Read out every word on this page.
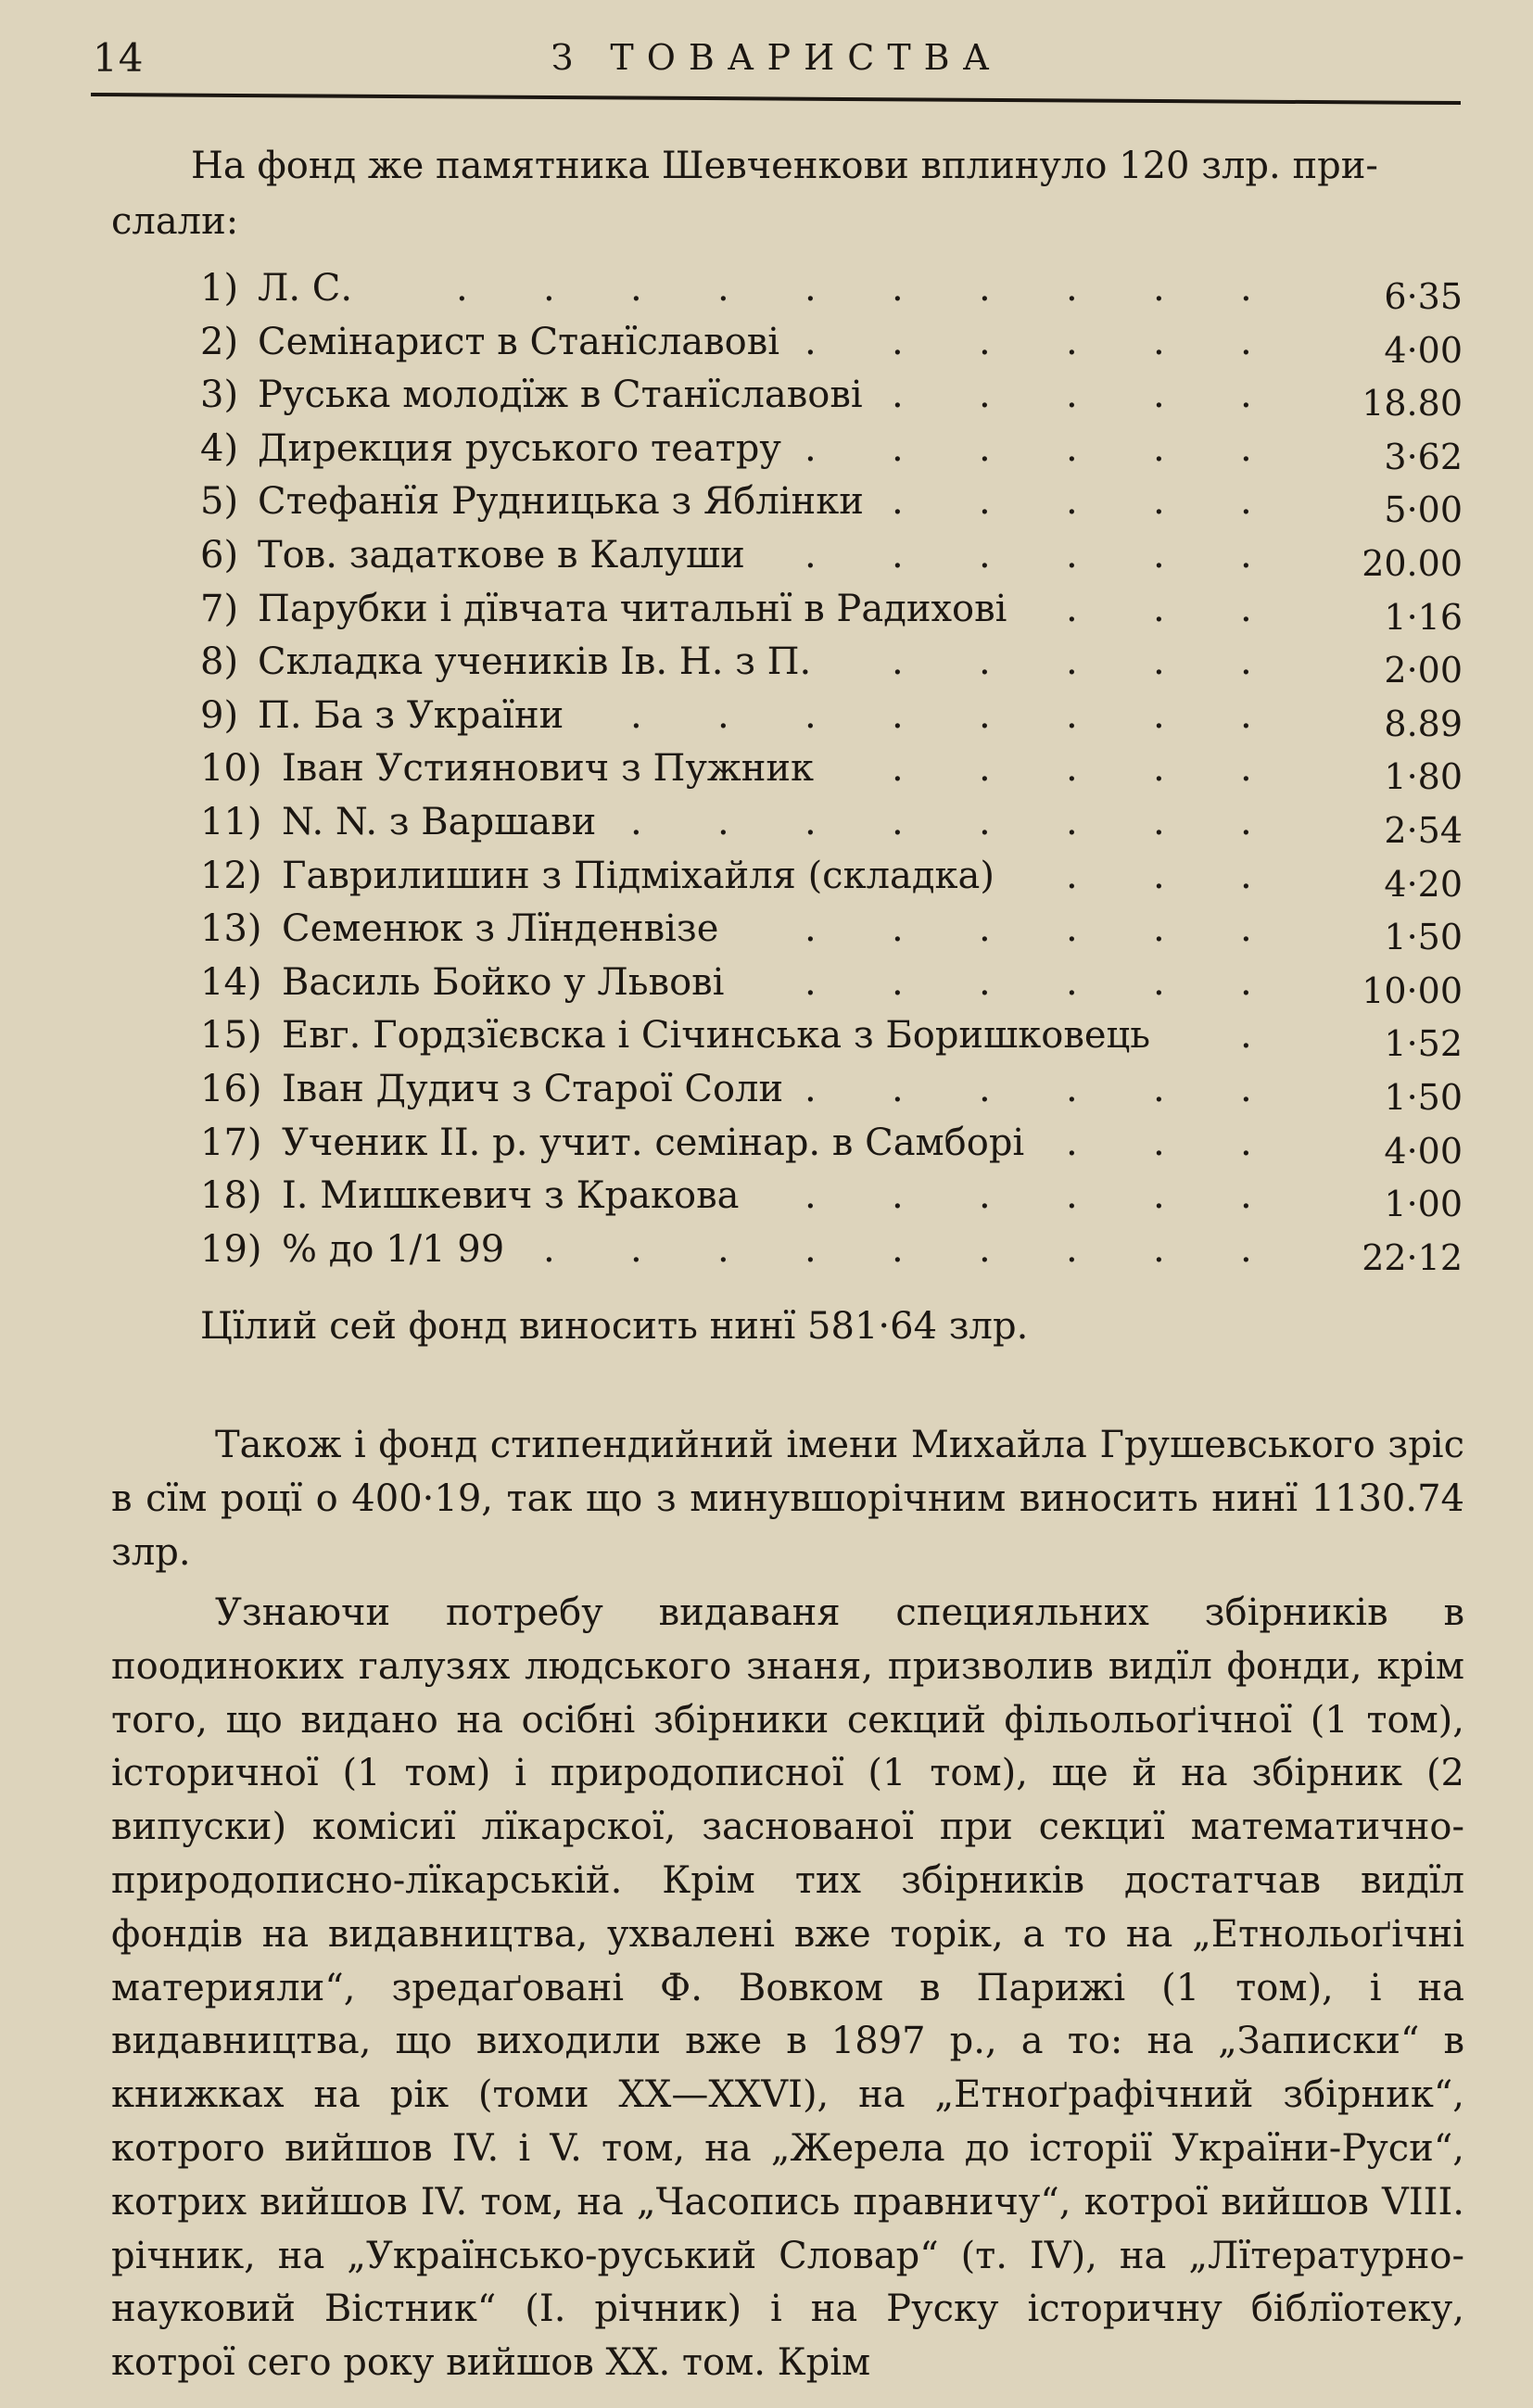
14	З ТОВАРИСТВА
На фонд же памятника Шевченкови вплинуло 120 злр. при-
слали:
.
.
.
.
.
.
.
.
.
.
1) Л. С.	6·35
.
.
.
.
.
.
2) Семінарист в Станїславові	4·00
.
.
.
.
.
3) Руська молодїж в Станїславові	18.80
.
.
.
.
.
.
4) Дирекция руського театру	3·62
.
.
.
.
.
5) Стефанїя Рудницька з Яблінки	5·00
.
.
.
.
.
.
6) Тов. задаткове в Калуши	20.00
.
.
.
7) Парубки і дївчата читальнї в Радихові	1·16
.
.
.
.
.
8) Складка учеників Ів. Н. з П.	2·00
.
.
.
.
.
.
.
.
9) П. Ба з України	8.89
.
.
.
.
.
10) Іван Устиянович з Пужник	1·80
.
.
.
.
.
.
.
.
11) N. N. з Варшави	2·54
.
.
.
12) Гаврилишин з Підміхайля (складка)	4·20
.
.
.
.
.
.
13) Семенюк з Лїнденвізе	1·50
.
.
.
.
.
.
14) Василь Бойко у Львові	10·00
.
15) Евг. Гордзїєвска і Січинська з Боришковець	1·52
.
.
.
.
.
.
16) Іван Дудич з Старої Соли	1·50
.
.
.
17) Ученик II. р. учит. семінар. в Самборі	4·00
.
.
.
.
.
.
18) І. Мишкевич з Кракова	1·00
.
.
.
.
.
.
.
.
.
19) % до 1/1 99	22·12
Цїлий сей фонд виносить нинї 581·64 злр.
Також і фонд стипендийний імени Михайла Грушевського зріс в сїм роцї о 400·19, так що з минувшорічним виносить нинї 1130.74 злр.
Узнаючи потребу видаваня специяльних збірників в поодиноких галузях людського знаня, призволив видїл фонди, крім того, що видано на осібні збірники секций фільольоґічної (1 том), історичної (1 том) і природописної (1 том), ще й на збірник (2 випуски) комісиї лїкарскої, заснованої при секциї математично-природописно-лїкарській. Крім тих збірників достатчав видїл фондів на видавництва, ухвалені вже торік, а то на „Етнольоґічні материяли“, зредаґовані Ф. Вовком в Парижі (1 том), і на видавництва, що виходили вже в 1897 р., а то: на „Записки“ в книжках на рік (томи XX—XXVI), на „Етноґрафічний збірник“, котрого вийшов IV. і V. том, на „Жерела до історії України-Руси“, котрих вийшов IV. том, на „Часопись правничу“, котрої вийшов VIII. річник, на „Українсько-руський Словар“ (т. IV), на „Лїтературно-науковий Вістник“ (I. річник) і на Руску історичну біблїотеку, котрої сего року вийшов XX. том. Крім
